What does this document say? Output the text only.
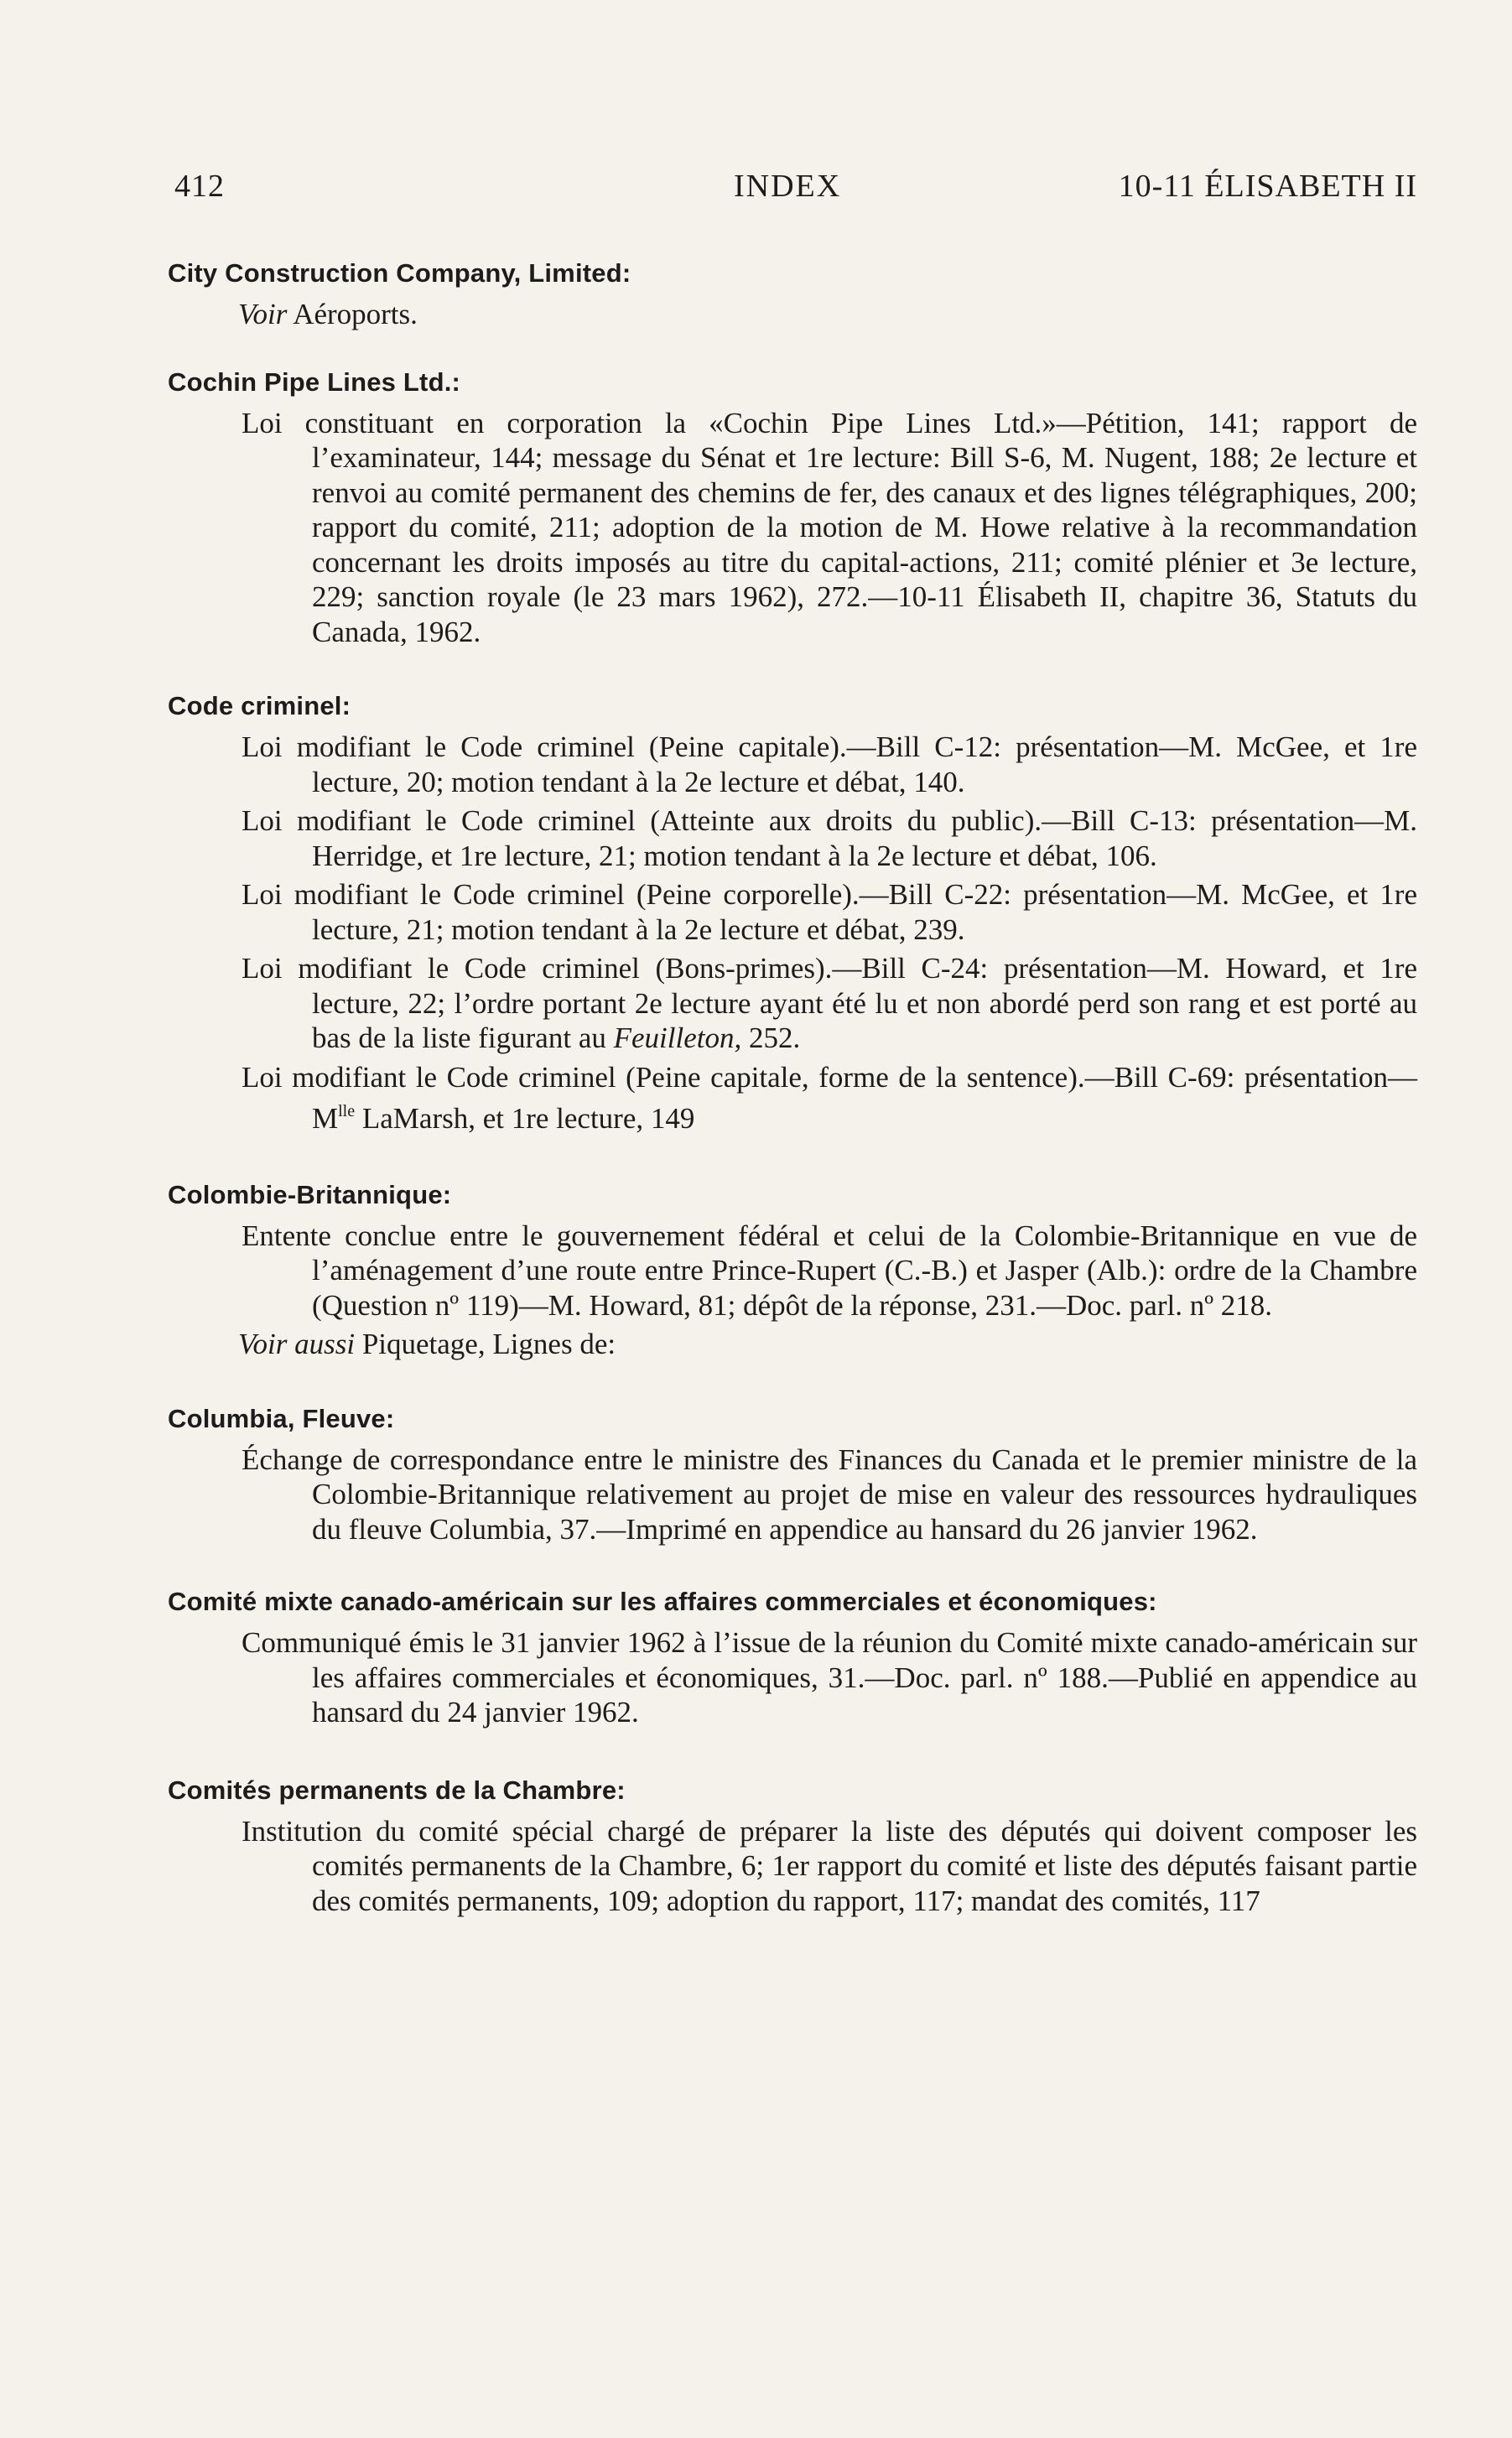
412	INDEX	10-11 ÉLISABETH II

City Construction Company, Limited:

Voir Aéroports.

Cochin Pipe Lines Ltd.:

Loi constituant en corporation la «Cochin Pipe Lines Ltd.»—Pétition, 141; rapport de l’examinateur, 144; message du Sénat et 1re lecture: Bill S-6, M. Nugent, 188; 2e lecture et renvoi au comité permanent des chemins de fer, des canaux et des lignes télégraphiques, 200; rapport du comité, 211; adoption de la motion de M. Howe relative à la recommandation concernant les droits imposés au titre du capital-actions, 211; comité plénier et 3e lecture, 229; sanction royale (le 23 mars 1962), 272.—10-11 Élisabeth II, chapitre 36, Statuts du Canada, 1962.

Code criminel:

Loi modifiant le Code criminel (Peine capitale).—Bill C-12: présentation—M. McGee, et 1re lecture, 20; motion tendant à la 2e lecture et débat, 140.

Loi modifiant le Code criminel (Atteinte aux droits du public).—Bill C-13: présentation—M. Herridge, et 1re lecture, 21; motion tendant à la 2e lecture et débat, 106.

Loi modifiant le Code criminel (Peine corporelle).—Bill C-22: présentation—M. McGee, et 1re lecture, 21; motion tendant à la 2e lecture et débat, 239.

Loi modifiant le Code criminel (Bons-primes).—Bill C-24: présentation—M. Howard, et 1re lecture, 22; l’ordre portant 2e lecture ayant été lu et non abordé perd son rang et est porté au bas de la liste figurant au Feuilleton, 252.

Loi modifiant le Code criminel (Peine capitale, forme de la sentence).—Bill C-69: $présentation—M^{lle}$ LaMarsh, et 1re lecture, 149

Colombie-Britannique:

Entente conclue entre le gouvernement fédéral et celui de la Colombie-Britannique en vue de l’aménagement d’une route entre Prince-Rupert (C.-B.) et Jasper (Alb.): ordre de la Chambre (Question nº 119)—M. Howard, 81; dépôt de la réponse, 231.—Doc. parl. nº 218.

Voir aussi Piquetage, Lignes de:

Columbia, Fleuve:

Échange de correspondance entre le ministre des Finances du Canada et le premier ministre de la Colombie-Britannique relativement au projet de mise en valeur des ressources hydrauliques du fleuve Columbia, 37.—Imprimé en appendice au hansard du 26 janvier 1962.

Comité mixte canado-américain sur les affaires commerciales et économiques:

Communiqué émis le 31 janvier 1962 à l’issue de la réunion du Comité mixte canado-américain sur les affaires commerciales et économiques, 31.—Doc. parl. nº 188.—Publié en appendice au hansard du 24 janvier 1962.

Comités permanents de la Chambre:

Institution du comité spécial chargé de préparer la liste des députés qui doivent composer les comités permanents de la Chambre, 6; 1er rapport du comité et liste des députés faisant partie des comités permanents, 109; adoption du rapport, 117; mandat des comités, 117
